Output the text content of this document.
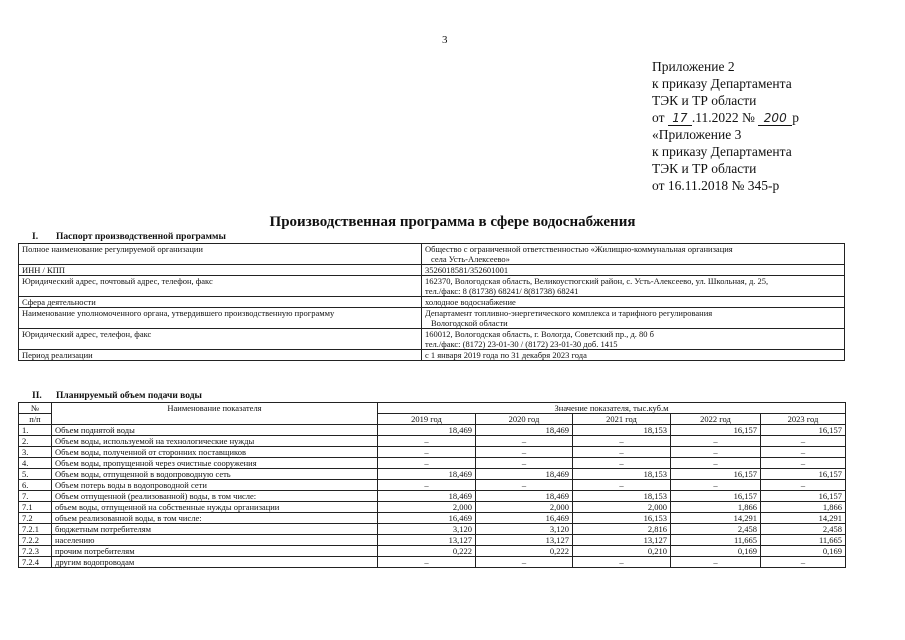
3
Приложение 2
к приказу Департамента
ТЭК и ТР области
от 17 .11.2022 № 200 р
«Приложение 3
к приказу Департамента
ТЭК и ТР области
от 16.11.2018 № 345-р
Производственная программа в сфере водоснабжения
I. Паспорт производственной программы
Полное наименование регулируемой организации	Общество с ограниченной ответственностью «Жилищно-коммунальная организация
села Усть-Алексеево»

ИНН / КПП	3526018581/352601001

Юридический адрес, почтовый адрес, телефон, факс	162370, Вологодская область, Великоустюгский район, с. Усть-Алексеево, ул. Школьная, д. 25,
тел./факс: 8 (81738) 68241/ 8(81738) 68241

Сфера деятельности	холодное водоснабжение

Наименование уполномоченного органа, утвердившего производственную программу	Департамент топливно-энергетического комплекса и тарифного регулирования
Вологодской области

Юридический адрес, телефон, факс	160012, Вологодская область, г. Вологда, Советский пр., д. 80 б
тел./факс: (8172) 23-01-30 / (8172) 23-01-30 доб. 1415

Период реализации	с 1 января 2019 года по 31 декабря 2023 года
II. Планируемый объем подачи воды
№	Наименование показателя	Значение показателя, тыс.куб.м				
п/п		2019 год	2020 год	2021 год	2022 год	2023 год
1.	Объем поднятой воды	18,469	18,469	18,153	16,157	16,157
2.	Объем воды, используемой на технологические нужды	–	–	–	–	–
3.	Объем воды, полученной от сторонних поставщиков	–	–	–	–	–
4.	Объем воды, пропущенной через очистные сооружения	–	–	–	–	–
5.	Объем воды, отпущенной в водопроводную сеть	18,469	18,469	18,153	16,157	16,157
6.	Объем потерь воды в водопроводной сети	–	–	–	–	–
7.	Объем отпущенной (реализованной) воды, в том числе:	18,469	18,469	18,153	16,157	16,157
7.1	объем воды, отпущенной на собственные нужды организации	2,000	2,000	2,000	1,866	1,866
7.2	объем реализованной воды, в том числе:	16,469	16,469	16,153	14,291	14,291
7.2.1	бюджетным потребителям	3,120	3,120	2,816	2,458	2,458
7.2.2	населению	13,127	13,127	13,127	11,665	11,665
7.2.3	прочим потребителям	0,222	0,222	0,210	0,169	0,169
7.2.4	другим водопроводам	–	–	–	–	–
